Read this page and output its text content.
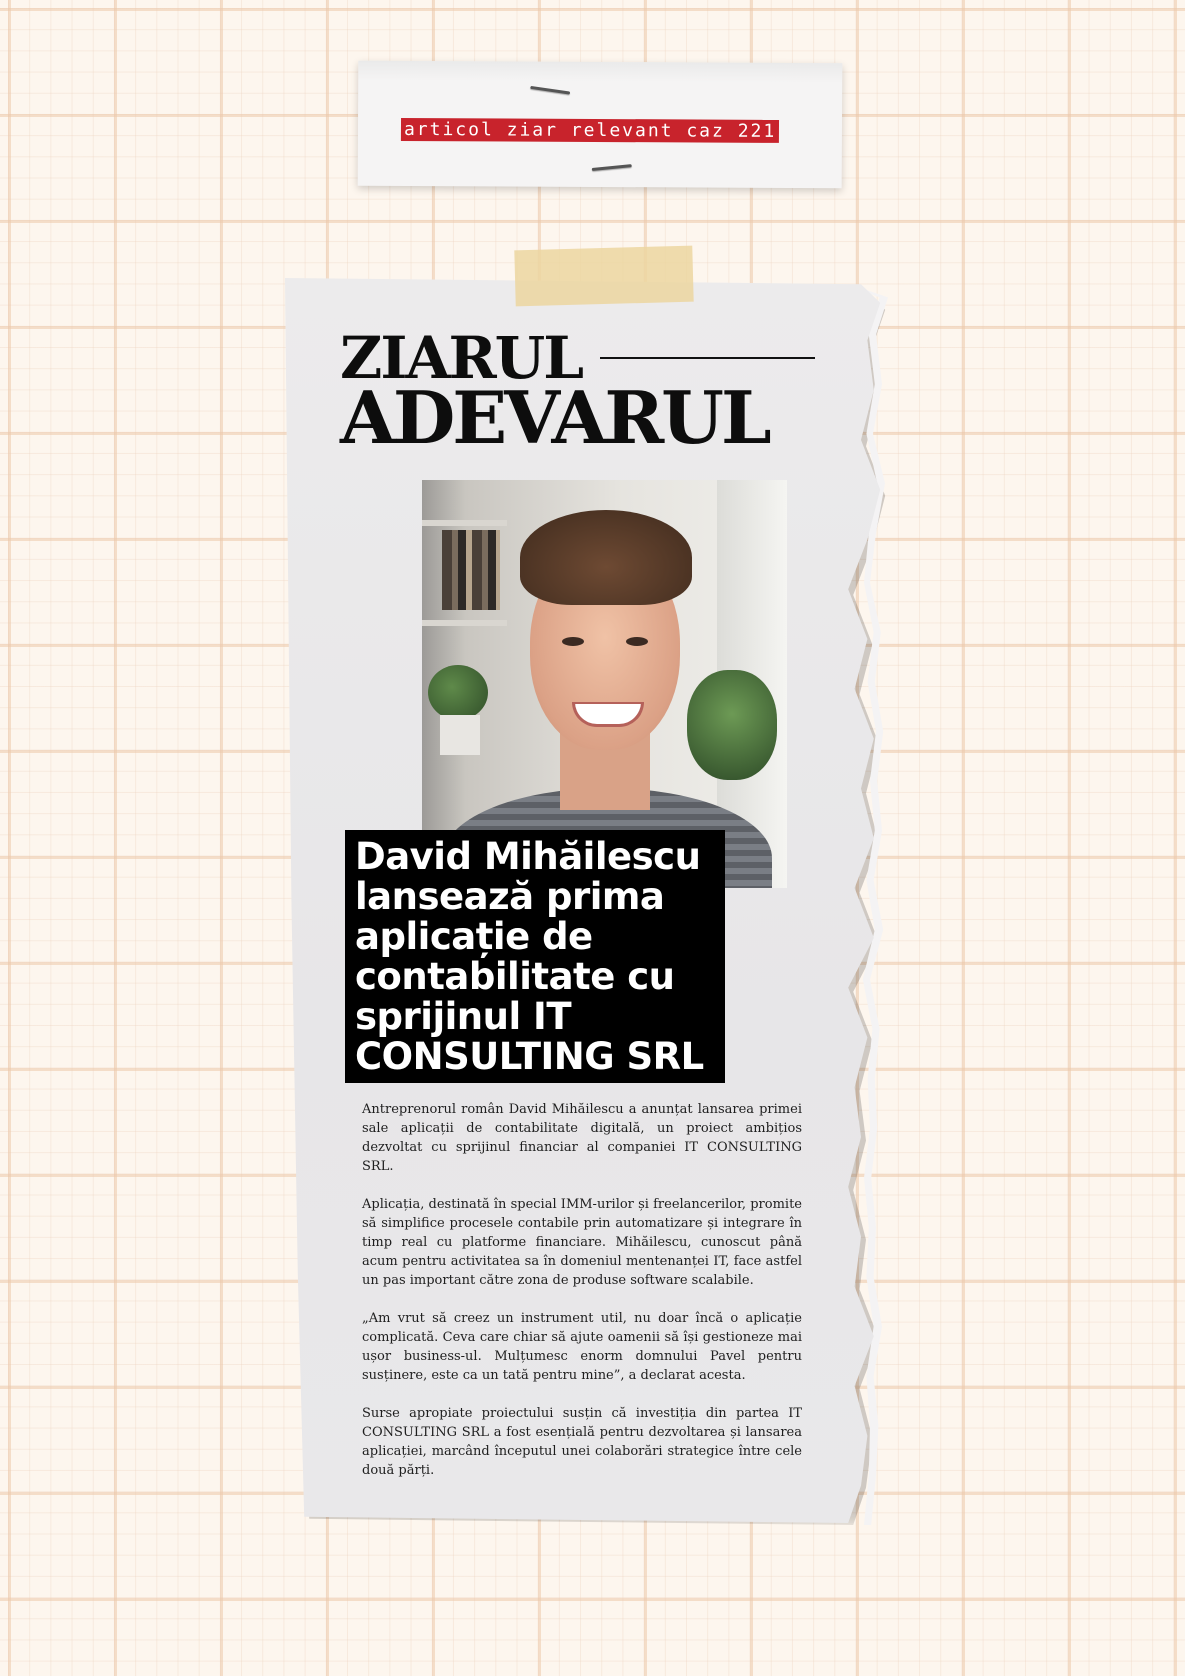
articol ziar relevant caz 221
ZIARUL
ADEVARUL
David Mihăilescu lansează prima aplicație de contabilitate cu sprijinul IT CONSULTING SRL

Antreprenorul român David Mihăilescu a anunțat lansarea primei sale aplicații de contabilitate digitală, un proiect ambițios dezvoltat cu sprijinul financiar al companiei IT CONSULTING SRL.

Aplicația, destinată în special IMM-urilor și freelancerilor, promite să simplifice procesele contabile prin automatizare și integrare în timp real cu platforme financiare. Mihăilescu, cunoscut până acum pentru activitatea sa în domeniul mentenanței IT, face astfel un pas important către zona de produse software scalabile.

„Am vrut să creez un instrument util, nu doar încă o aplicație complicată. Ceva care chiar să ajute oamenii să își gestioneze mai ușor business-ul. Mulțumesc enorm domnului Pavel pentru susținere, este ca un tată pentru mine”, a declarat acesta.

Surse apropiate proiectului susțin că investiția din partea IT CONSULTING SRL a fost esențială pentru dezvoltarea și lansarea aplicației, marcând începutul unei colaborări strategice între cele două părți.
